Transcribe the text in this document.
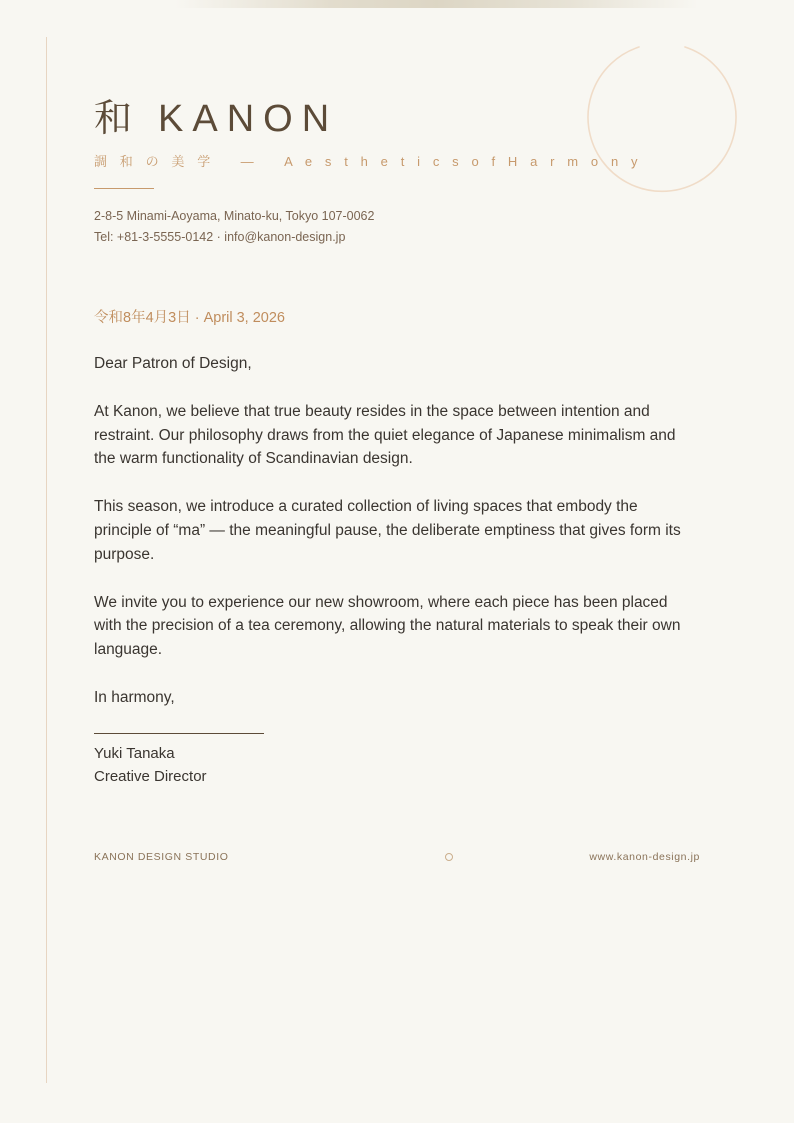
和 KANON
調 和 の 美 学 　—　 A e s t h e t i c s o f H a r m o n y
2-8-5 Minami-Aoyama, Minato-ku, Tokyo 107-0062
Tel: +81-3-5555-0142 · info@kanon-design.jp
令和8年4月3日 · April 3, 2026

Dear Patron of Design,

At Kanon, we believe that true beauty resides in the space between intention and restraint. Our philosophy draws from the quiet elegance of Japanese minimalism and the warm functionality of Scandinavian design.

This season, we introduce a curated collection of living spaces that embody the principle of “ma” — the meaningful pause, the deliberate emptiness that gives form its purpose.

We invite you to experience our new showroom, where each piece has been placed with the precision of a tea ceremony, allowing the natural materials to speak their own language.

In harmony,

Yuki Tanaka
Creative Director
KANON DESIGN STUDIO	www.kanon-design.jp
